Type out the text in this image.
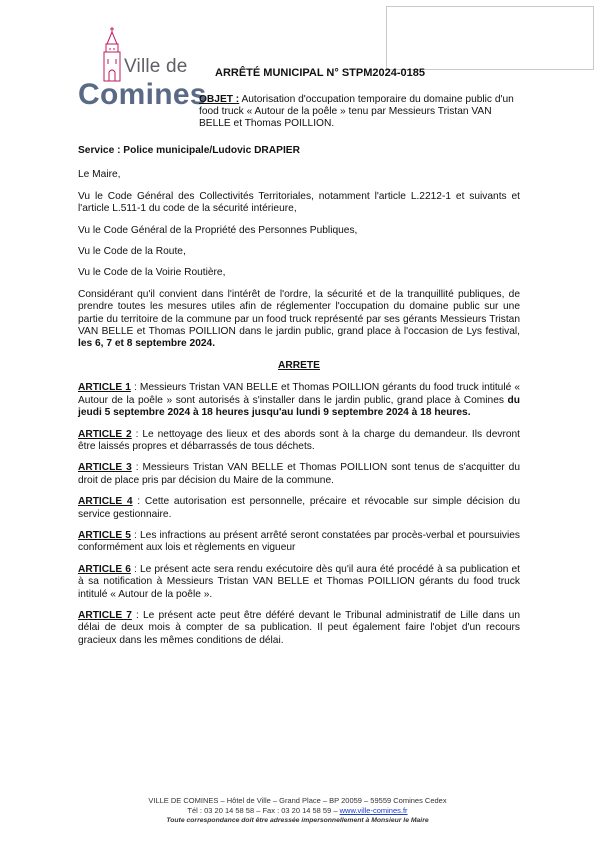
Ville de
Comines
ARRÊTÉ MUNICIPAL N° STPM2024-0185
OBJET : Autorisation d'occupation temporaire du domaine public d'un food truck « Autour de la poêle » tenu par Messieurs Tristan VAN BELLE et Thomas POILLION.

Service : Police municipale/Ludovic DRAPIER

Le Maire,

Vu le Code Général des Collectivités Territoriales, notamment l'article L.2212-1 et suivants et l'article L.511-1 du code de la sécurité intérieure,

Vu le Code Général de la Propriété des Personnes Publiques,

Vu le Code de la Route,

Vu le Code de la Voirie Routière,

Considérant qu'il convient dans l'intérêt de l'ordre, la sécurité et de la tranquillité publiques, de prendre toutes les mesures utiles afin de réglementer l'occupation du domaine public sur une partie du territoire de la commune par un food truck représenté par ses gérants Messieurs Tristan VAN BELLE et Thomas POILLION dans le jardin public, grand place à l'occasion de Lys festival, les 6, 7 et 8 septembre 2024.

ARRETE

ARTICLE 1 : Messieurs Tristan VAN BELLE et Thomas POILLION gérants du food truck intitulé « Autour de la poêle » sont autorisés à s'installer dans le jardin public, grand place à Comines du jeudi 5 septembre 2024 à 18 heures jusqu'au lundi 9 septembre 2024 à 18 heures.

ARTICLE 2 : Le nettoyage des lieux et des abords sont à la charge du demandeur. Ils devront être laissés propres et débarrassés de tous déchets.

ARTICLE 3 : Messieurs Tristan VAN BELLE et Thomas POILLION sont tenus de s'acquitter du droit de place pris par décision du Maire de la commune.

ARTICLE 4 : Cette autorisation est personnelle, précaire et révocable sur simple décision du service gestionnaire.

ARTICLE 5 : Les infractions au présent arrêté seront constatées par procès-verbal et poursuivies conformément aux lois et règlements en vigueur

ARTICLE 6 : Le présent acte sera rendu exécutoire dès qu'il aura été procédé à sa publication et à sa notification à Messieurs Tristan VAN BELLE et Thomas POILLION gérants du food truck intitulé « Autour de la poêle ».

ARTICLE 7 : Le présent acte peut être déféré devant le Tribunal administratif de Lille dans un délai de deux mois à compter de sa publication. Il peut également faire l'objet d'un recours gracieux dans les mêmes conditions de délai.

VILLE DE COMINES – Hôtel de Ville – Grand Place – BP 20059 – 59559 Comines Cedex
Tél : 03 20 14 58 58 – Fax : 03 20 14 58 59 – www.ville-comines.fr
Toute correspondance doit être adressée impersonnellement à Monsieur le Maire
